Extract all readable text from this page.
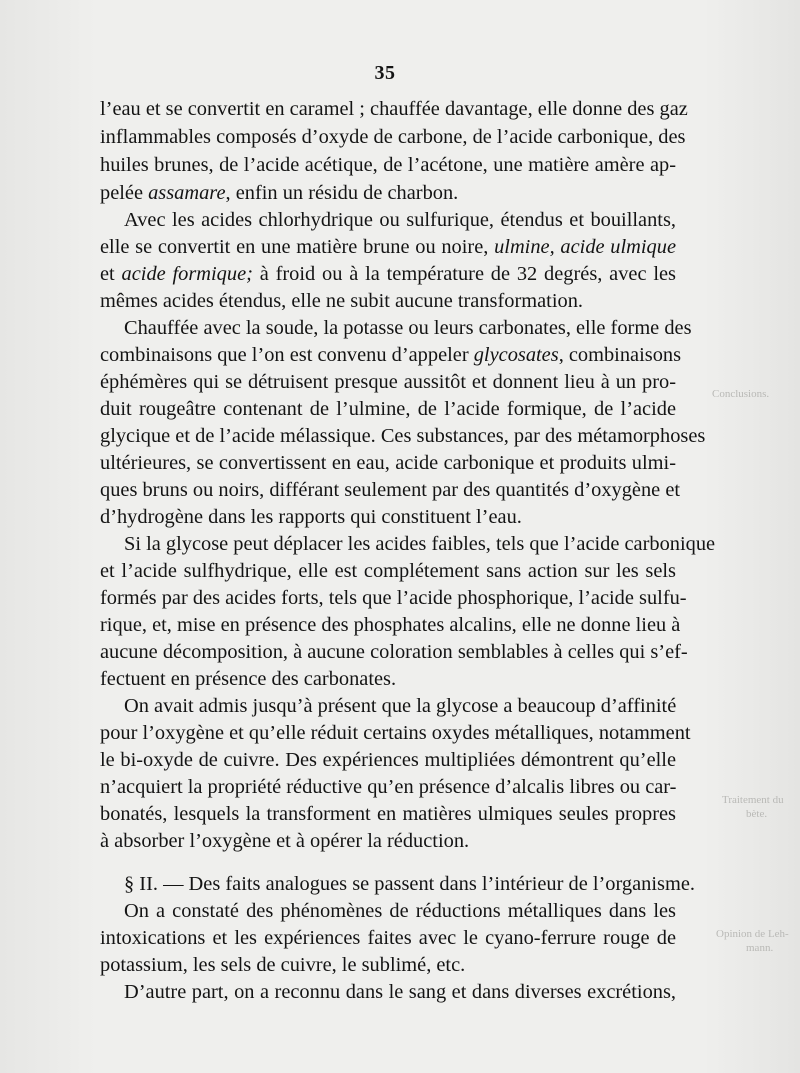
35
l’eau et se convertit en caramel ; chauffée davantage, elle donne des gaz
inflammables composés d’oxyde de carbone, de l’acide carbonique, des
huiles brunes, de l’acide acétique, de l’acétone, une matière amère ap-
pelée assamare, enfin un résidu de charbon.
Avec les acides chlorhydrique ou sulfurique, étendus et bouillants,
elle se convertit en une matière brune ou noire, ulmine, acide ulmique
et acide formique; à froid ou à la température de 32 degrés, avec les
mêmes acides étendus, elle ne subit aucune transformation.
Chauffée avec la soude, la potasse ou leurs carbonates, elle forme des
combinaisons que l’on est convenu d’appeler glycosates, combinaisons
éphémères qui se détruisent presque aussitôt et donnent lieu à un pro-
duit rougeâtre contenant de l’ulmine, de l’acide formique, de l’acide
glycique et de l’acide mélassique. Ces substances, par des métamorphoses
ultérieures, se convertissent en eau, acide carbonique et produits ulmi-
ques bruns ou noirs, différant seulement par des quantités d’oxygène et
d’hydrogène dans les rapports qui constituent l’eau.
Si la glycose peut déplacer les acides faibles, tels que l’acide carbonique
et l’acide sulfhydrique, elle est complétement sans action sur les sels
formés par des acides forts, tels que l’acide phosphorique, l’acide sulfu-
rique, et, mise en présence des phosphates alcalins, elle ne donne lieu à
aucune décomposition, à aucune coloration semblables à celles qui s’ef-
fectuent en présence des carbonates.
On avait admis jusqu’à présent que la glycose a beaucoup d’affinité
pour l’oxygène et qu’elle réduit certains oxydes métalliques, notamment
le bi-oxyde de cuivre. Des expériences multipliées démontrent qu’elle
n’acquiert la propriété réductive qu’en présence d’alcalis libres ou car-
bonatés, lesquels la transforment en matières ulmiques seules propres
à absorber l’oxygène et à opérer la réduction.
§ II. — Des faits analogues se passent dans l’intérieur de l’organisme.
On a constaté des phénomènes de réductions métalliques dans les
intoxications et les expériences faites avec le cyano-ferrure rouge de
potassium, les sels de cuivre, le sublimé, etc.
D’autre part, on a reconnu dans le sang et dans diverses excrétions,
Conclusions.
Traitement du
bète.
Opinion de Leh-
mann.
